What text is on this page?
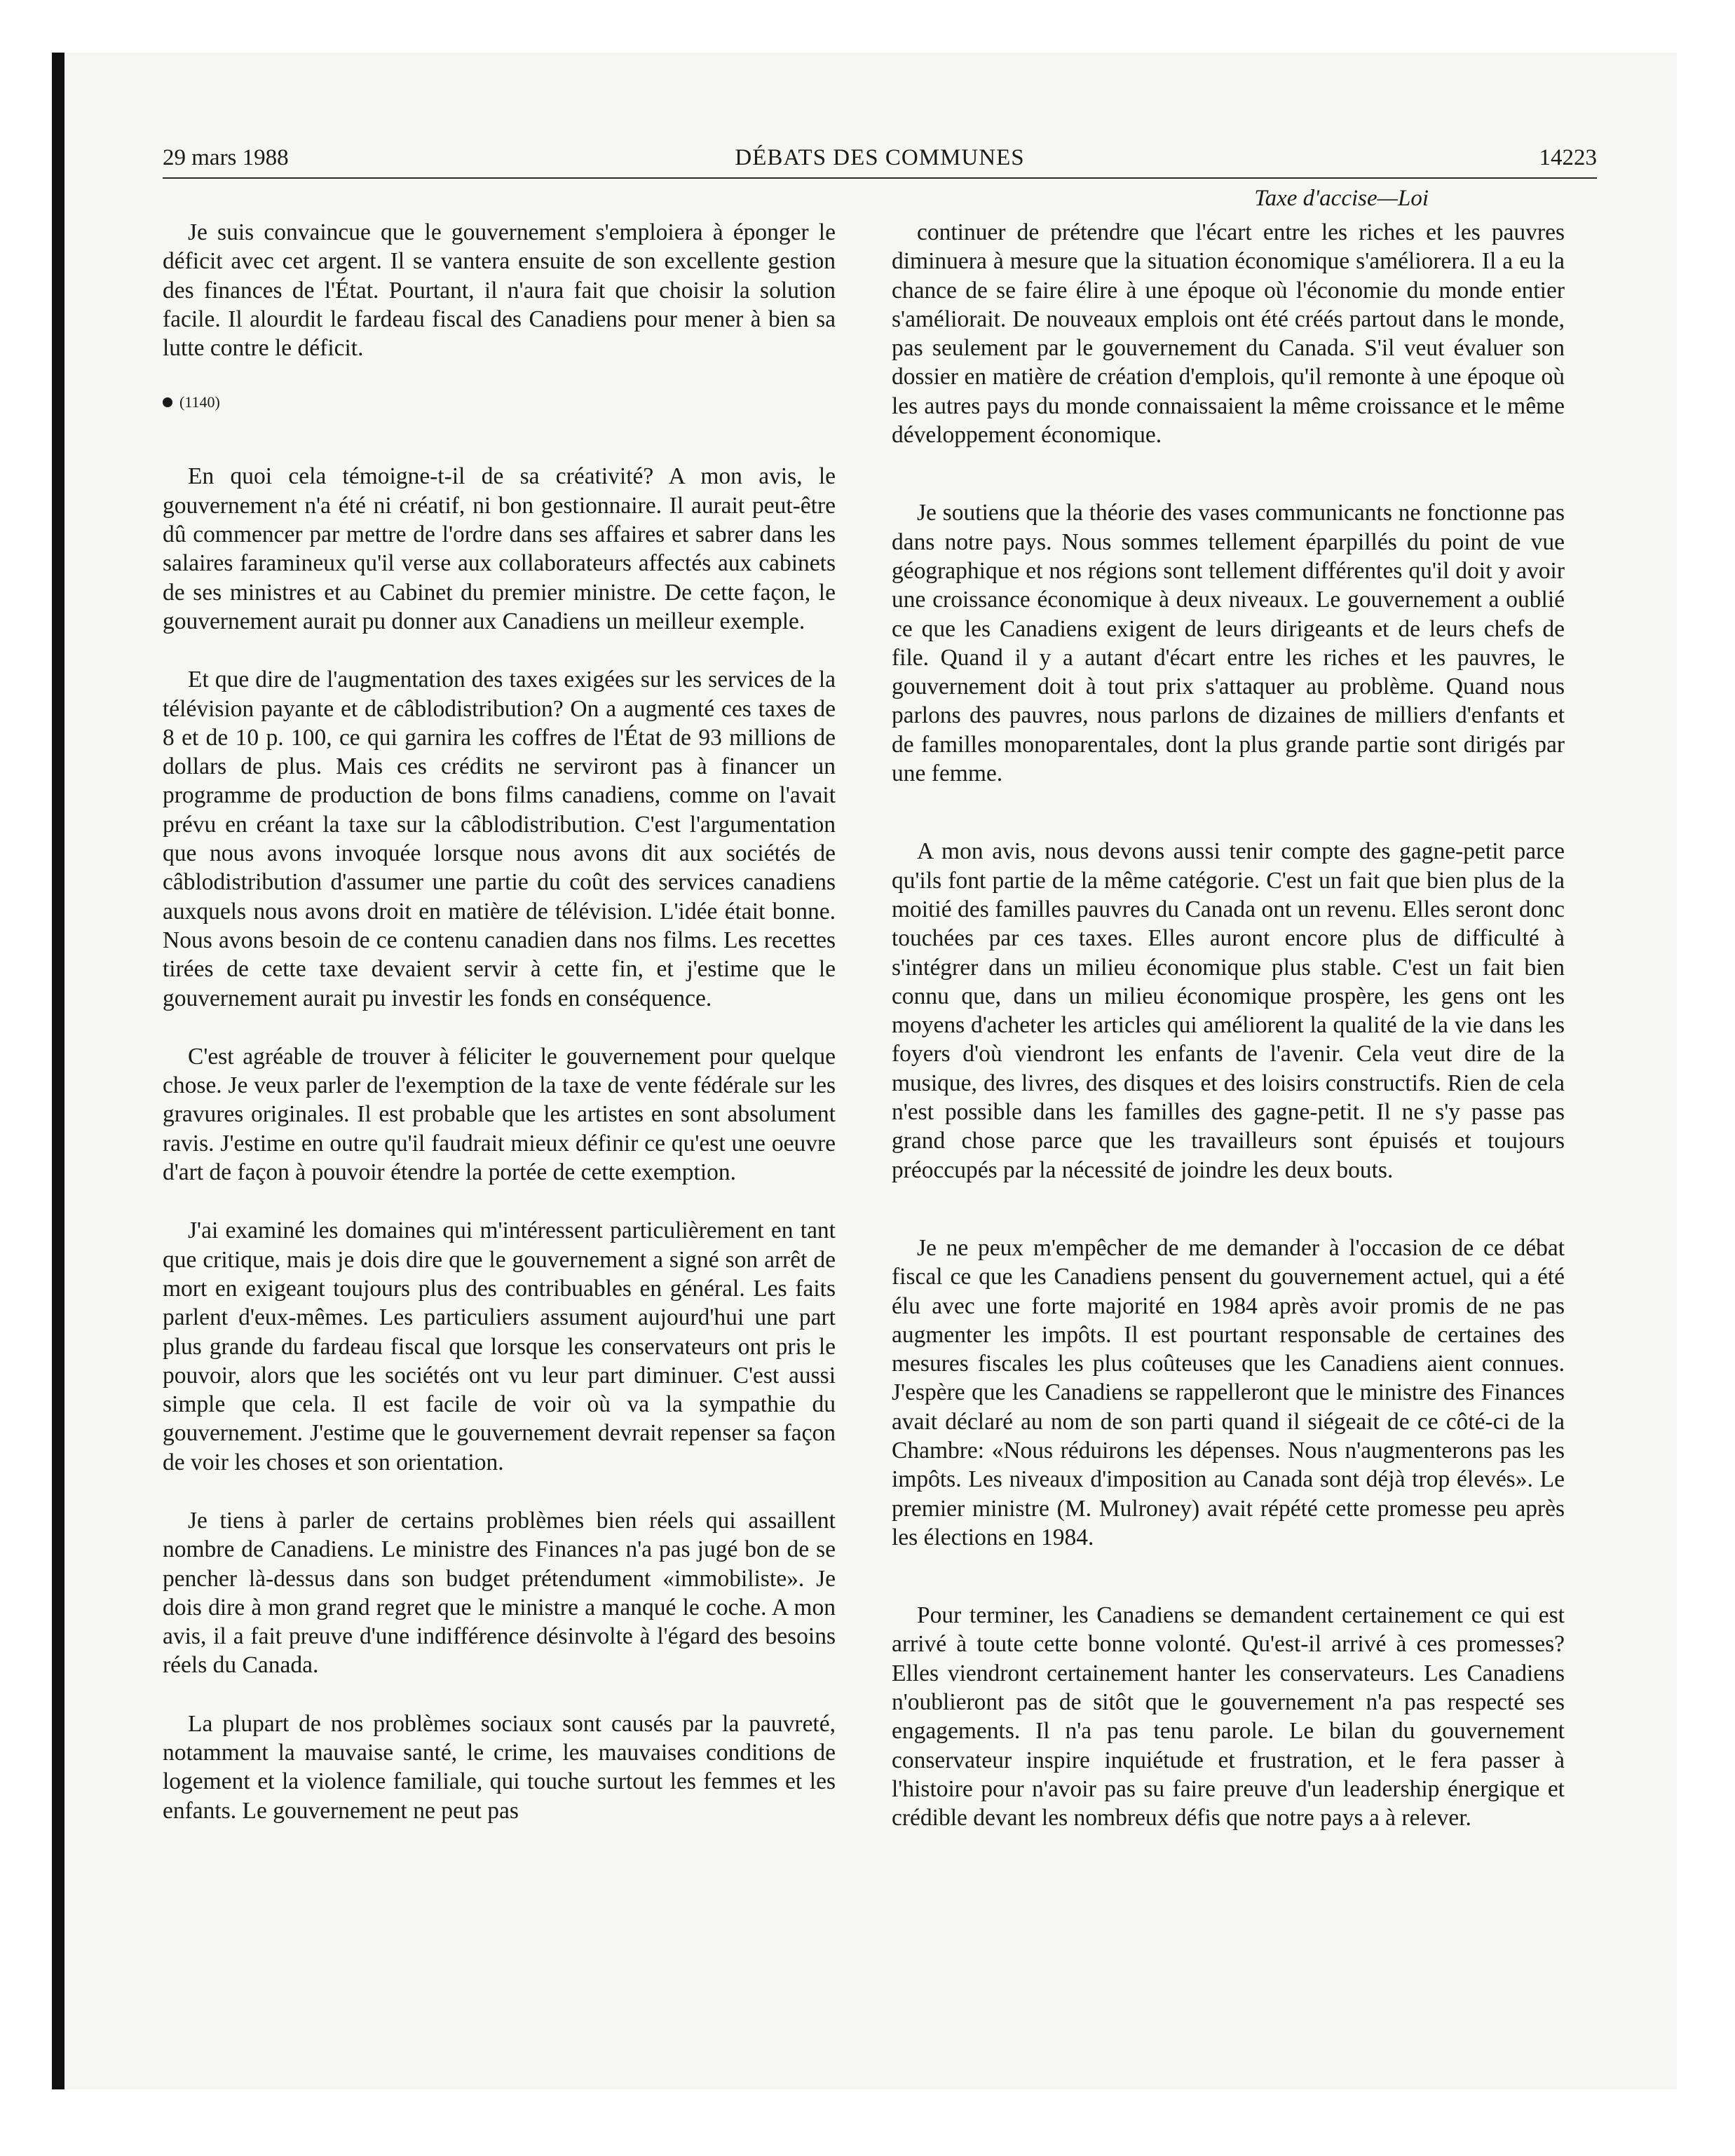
29 mars 1988	DÉBATS DES COMMUNES	14223
Taxe d'accise—Loi

Je suis convaincue que le gouvernement s'emploiera à éponger le déficit avec cet argent. Il se vantera ensuite de son excellente gestion des finances de l'État. Pourtant, il n'aura fait que choisir la solution facile. Il alourdit le fardeau fiscal des Canadiens pour mener à bien sa lutte contre le déficit.

(1140)

En quoi cela témoigne-t-il de sa créativité? A mon avis, le gouvernement n'a été ni créatif, ni bon gestionnaire. Il aurait peut-être dû commencer par mettre de l'ordre dans ses affaires et sabrer dans les salaires faramineux qu'il verse aux collaborateurs affectés aux cabinets de ses ministres et au Cabinet du premier ministre. De cette façon, le gouvernement aurait pu donner aux Canadiens un meilleur exemple.

Et que dire de l'augmentation des taxes exigées sur les services de la télévision payante et de câblodistribution? On a augmenté ces taxes de 8 et de 10 p. 100, ce qui garnira les coffres de l'État de 93 millions de dollars de plus. Mais ces crédits ne serviront pas à financer un programme de production de bons films canadiens, comme on l'avait prévu en créant la taxe sur la câblodistribution. C'est l'argumentation que nous avons invoquée lorsque nous avons dit aux sociétés de câblodistribution d'assumer une partie du coût des services canadiens auxquels nous avons droit en matière de télévision. L'idée était bonne. Nous avons besoin de ce contenu canadien dans nos films. Les recettes tirées de cette taxe devaient servir à cette fin, et j'estime que le gouvernement aurait pu investir les fonds en conséquence.

C'est agréable de trouver à féliciter le gouvernement pour quelque chose. Je veux parler de l'exemption de la taxe de vente fédérale sur les gravures originales. Il est probable que les artistes en sont absolument ravis. J'estime en outre qu'il faudrait mieux définir ce qu'est une oeuvre d'art de façon à pouvoir étendre la portée de cette exemption.

J'ai examiné les domaines qui m'intéressent particulièrement en tant que critique, mais je dois dire que le gouvernement a signé son arrêt de mort en exigeant toujours plus des contribuables en général. Les faits parlent d'eux-mêmes. Les particuliers assument aujourd'hui une part plus grande du fardeau fiscal que lorsque les conservateurs ont pris le pouvoir, alors que les sociétés ont vu leur part diminuer. C'est aussi simple que cela. Il est facile de voir où va la sympathie du gouvernement. J'estime que le gouvernement devrait repenser sa façon de voir les choses et son orientation.

Je tiens à parler de certains problèmes bien réels qui assaillent nombre de Canadiens. Le ministre des Finances n'a pas jugé bon de se pencher là-dessus dans son budget prétendument «immobiliste». Je dois dire à mon grand regret que le ministre a manqué le coche. A mon avis, il a fait preuve d'une indifférence désinvolte à l'égard des besoins réels du Canada.

La plupart de nos problèmes sociaux sont causés par la pauvreté, notamment la mauvaise santé, le crime, les mauvaises conditions de logement et la violence familiale, qui touche surtout les femmes et les enfants. Le gouvernement ne peut pas

continuer de prétendre que l'écart entre les riches et les pauvres diminuera à mesure que la situation économique s'améliorera. Il a eu la chance de se faire élire à une époque où l'économie du monde entier s'améliorait. De nouveaux emplois ont été créés partout dans le monde, pas seulement par le gouvernement du Canada. S'il veut évaluer son dossier en matière de création d'emplois, qu'il remonte à une époque où les autres pays du monde connaissaient la même croissance et le même développement économique.

Je soutiens que la théorie des vases communicants ne fonctionne pas dans notre pays. Nous sommes tellement éparpillés du point de vue géographique et nos régions sont tellement différentes qu'il doit y avoir une croissance économique à deux niveaux. Le gouvernement a oublié ce que les Canadiens exigent de leurs dirigeants et de leurs chefs de file. Quand il y a autant d'écart entre les riches et les pauvres, le gouvernement doit à tout prix s'attaquer au problème. Quand nous parlons des pauvres, nous parlons de dizaines de milliers d'enfants et de familles monoparentales, dont la plus grande partie sont dirigés par une femme.

A mon avis, nous devons aussi tenir compte des gagne-petit parce qu'ils font partie de la même catégorie. C'est un fait que bien plus de la moitié des familles pauvres du Canada ont un revenu. Elles seront donc touchées par ces taxes. Elles auront encore plus de difficulté à s'intégrer dans un milieu économique plus stable. C'est un fait bien connu que, dans un milieu économique prospère, les gens ont les moyens d'acheter les articles qui améliorent la qualité de la vie dans les foyers d'où viendront les enfants de l'avenir. Cela veut dire de la musique, des livres, des disques et des loisirs constructifs. Rien de cela n'est possible dans les familles des gagne-petit. Il ne s'y passe pas grand chose parce que les travailleurs sont épuisés et toujours préoccupés par la nécessité de joindre les deux bouts.

Je ne peux m'empêcher de me demander à l'occasion de ce débat fiscal ce que les Canadiens pensent du gouvernement actuel, qui a été élu avec une forte majorité en 1984 après avoir promis de ne pas augmenter les impôts. Il est pourtant responsable de certaines des mesures fiscales les plus coûteuses que les Canadiens aient connues. J'espère que les Canadiens se rappelleront que le ministre des Finances avait déclaré au nom de son parti quand il siégeait de ce côté-ci de la Chambre: «Nous réduirons les dépenses. Nous n'augmenterons pas les impôts. Les niveaux d'imposition au Canada sont déjà trop élevés». Le premier ministre (M. Mulroney) avait répété cette promesse peu après les élections en 1984.

Pour terminer, les Canadiens se demandent certainement ce qui est arrivé à toute cette bonne volonté. Qu'est-il arrivé à ces promesses? Elles viendront certainement hanter les conservateurs. Les Canadiens n'oublieront pas de sitôt que le gouvernement n'a pas respecté ses engagements. Il n'a pas tenu parole. Le bilan du gouvernement conservateur inspire inquiétude et frustration, et le fera passer à l'histoire pour n'avoir pas su faire preuve d'un leadership énergique et crédible devant les nombreux défis que notre pays a à relever.
